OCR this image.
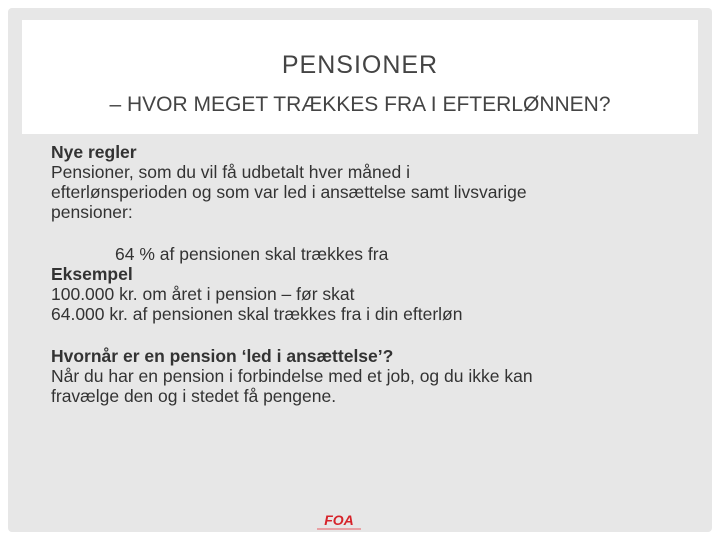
PENSIONER
– HVOR MEGET TRÆKKES FRA I EFTERLØNNEN?

Nye regler

Pensioner, som du vil få udbetalt hver måned i

efterlønsperioden og som var led i ansættelse samt livsvarige

pensioner:

64 % af pensionen skal trækkes fra

Eksempel

100.000 kr. om året i pension – før skat

64.000 kr. af pensionen skal trækkes fra i din efterløn

Hvornår er en pension ‘led i ansættelse’?

Når du har en pension i forbindelse med et job, og du ikke kan

fravælge den og i stedet få pengene.

FOA
